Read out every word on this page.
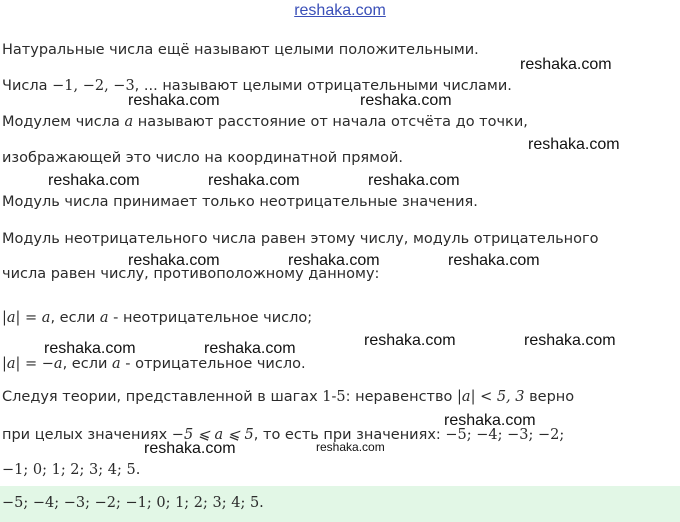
reshaka.com
Натуральные числа ещё называют целыми положительными.
Числа −1, −2, −3, ... называют целыми отрицательными числами.
Модулем числа a называют расстояние от начала отсчёта до точки,
изображающей это число на координатной прямой.
Модуль числа принимает только неотрицательные значения.
Модуль неотрицательного числа равен этому числу, модуль отрицательного
числа равен числу, противоположному данному:
|a| = a, если a - неотрицательное число;
|a| = −a, если a - отрицательное число.
Следуя теории, представленной в шагах 1-5: неравенство |a| < 5, 3 верно
при целых значениях −5 ⩽ a ⩽ 5, то есть при значениях: −5; −4; −3; −2;
−1; 0; 1; 2; 3; 4; 5.
−5; −4; −3; −2; −1; 0; 1; 2; 3; 4; 5.
reshaka.com
reshaka.com	reshaka.com
reshaka.com
reshaka.com	reshaka.com	reshaka.com
reshaka.com	reshaka.com	reshaka.com
reshaka.com	reshaka.com
reshaka.com	reshaka.com
reshaka.com
reshaka.com	reshaka.com
